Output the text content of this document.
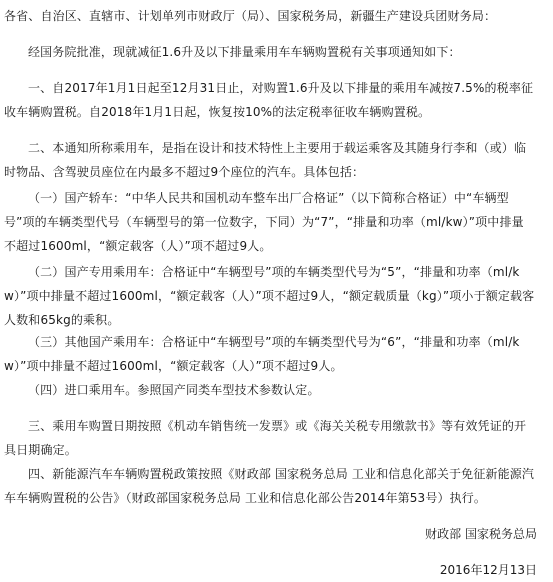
各省、自治区、直辖市、计划单列市财政厅（局）、国家税务局，新疆生产建设兵团财务局：

经国务院批准，现就减征1.6升及以下排量乘用车车辆购置税有关事项通知如下：

一、自2017年1月1日起至12月31日止，对购置1.6升及以下排量的乘用车减按7.5%的税率征收车辆购置税。自2018年1月1日起，恢复按10%的法定税率征收车辆购置税。

二、本通知所称乘用车，是指在设计和技术特性上主要用于载运乘客及其随身行李和（或）临时物品、含驾驶员座位在内最多不超过9个座位的汽车。具体包括：

（一）国产轿车：“中华人民共和国机动车整车出厂合格证”（以下简称合格证）中“车辆型号”项的车辆类型代号（车辆型号的第一位数字，下同）为“7”，“排量和功率（ml/kw）”项中排量不超过1600ml，“额定载客（人）”项不超过9人。

（二）国产专用乘用车：合格证中“车辆型号”项的车辆类型代号为“5”，“排量和功率（ml/kw）”项中排量不超过1600ml，“额定载客（人）”项不超过9人，“额定载质量（kg）”项小于额定载客人数和65kg的乘积。

（三）其他国产乘用车：合格证中“车辆型号”项的车辆类型代号为“6”，“排量和功率（ml/kw）”项中排量不超过1600ml，“额定载客（人）”项不超过9人。

（四）进口乘用车。参照国产同类车型技术参数认定。

三、乘用车购置日期按照《机动车销售统一发票》或《海关关税专用缴款书》等有效凭证的开具日期确定。

四、新能源汽车车辆购置税政策按照《财政部 国家税务总局 工业和信息化部关于免征新能源汽车车辆购置税的公告》（财政部国家税务总局 工业和信息化部公告2014年第53号）执行。

财政部 国家税务总局

2016年12月13日
